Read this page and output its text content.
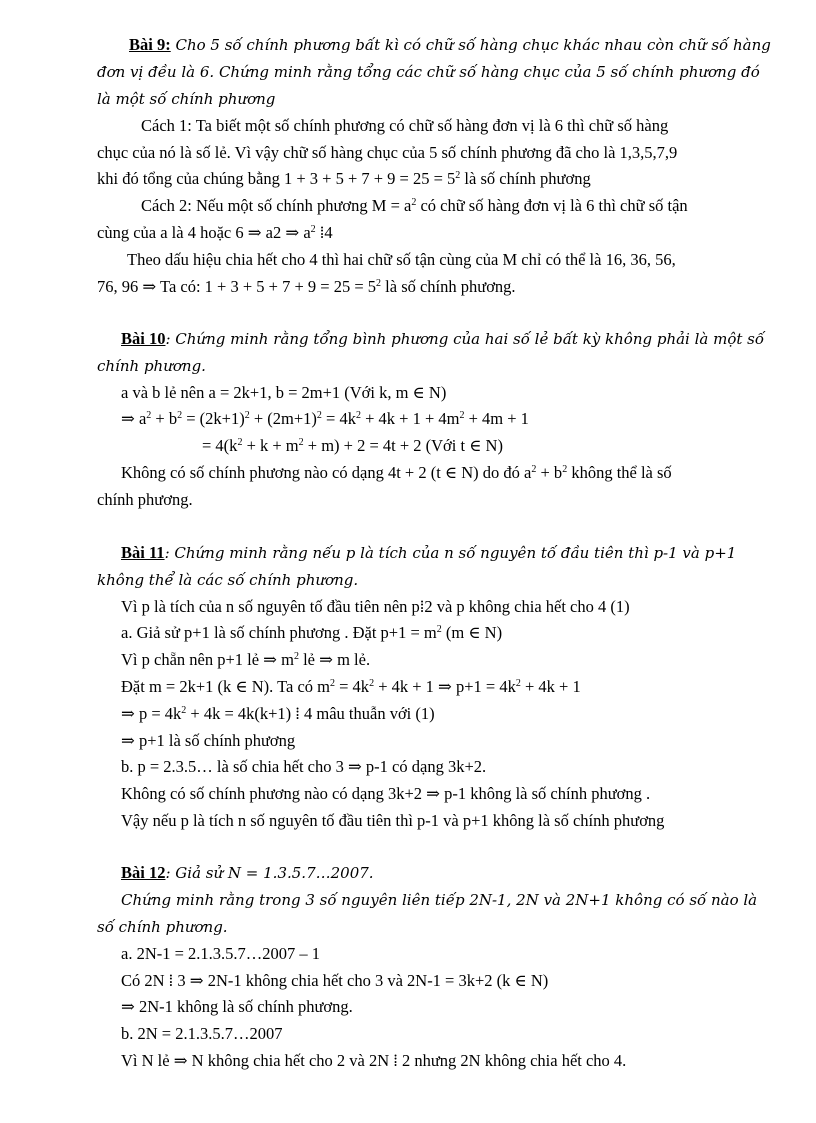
Bài 9: Cho 5 số chính phương bất kì có chữ số hàng chục khác nhau còn chữ số hàng
đơn vị đều là 6. Chứng minh rằng tổng các chữ số hàng chục của 5 số chính phương đó
là một số chính phương
Cách 1: Ta biết một số chính phương có chữ số hàng đơn vị là 6 thì chữ số hàng
chục của nó là số lẻ. Vì vậy chữ số hàng chục của 5 số chính phương đã cho là 1,3,5,7,9
khi đó tổng của chúng bằng $1 + 3 + 5 + 7 + 9 = 25 = 5^2$ là số chính phương
Cách 2: Nếu một số chính phương $M = a^2$ có chữ số hàng đơn vị là 6 thì chữ số tận
cùng của a là 4 hoặc 6 ⇒ a2 ⇒ $a^2$ ⁞4
Theo dấu hiệu chia hết cho 4 thì hai chữ số tận cùng của M chỉ có thể là 16, 36, 56,
76, 96 ⇒ Ta có: $1 + 3 + 5 + 7 + 9 = 25 = 5^2$ là số chính phương.
Bài 10: Chứng minh rằng tổng bình phương của hai số lẻ bất kỳ không phải là một số
chính phương.
a và b lẻ nên a = 2k+1, b = 2m+1 (Với k, m ∈ N)
⇒ $a^2 + b^2 = (2k+1)^2 + (2m+1)^2 = 4k^2 + 4k + 1 + 4m^2 + 4m + 1$
= $4(k^2 + k + m^2 + m) + 2 = 4t + 2$ (Với t ∈ N)
Không có số chính phương nào có dạng 4t + 2 (t ∈ N) do đó $a^2 + b^2$ không thể là số
chính phương.
Bài 11: Chứng minh rằng nếu p là tích của n số nguyên tố đầu tiên thì p-1 và p+1
không thể là các số chính phương.
Vì p là tích của n số nguyên tố đầu tiên nên p⁞2 và p không chia hết cho 4 (1)
a. Giả sử p+1 là số chính phương . Đặt $p+1 = m^2$ (m ∈ N)
Vì p chẵn nên p+1 lẻ ⇒ $m^2$ lẻ ⇒ m lẻ.
Đặt m = 2k+1 (k ∈ N). Ta có $m^2 = 4k^2 + 4k + 1$ ⇒ $p+1 = 4k^2 + 4k + 1$
⇒ $p = 4k^2 + 4k = 4k(k+1)$ ⁞ 4 mâu thuẫn với (1)
⇒ p+1 là số chính phương
b. p = 2.3.5… là số chia hết cho 3 ⇒ p-1 có dạng 3k+2.
Không có số chính phương nào có dạng 3k+2 ⇒ p-1 không là số chính phương .
Vậy nếu p là tích n số nguyên tố đầu tiên thì p-1 và p+1 không là số chính phương
Bài 12: Giả sử N = 1.3.5.7…2007.
Chứng minh rằng trong 3 số nguyên liên tiếp 2N-1, 2N và 2N+1 không có số nào là
số chính phương.
a. 2N-1 = 2.1.3.5.7…2007 – 1
Có 2N ⁞ 3 ⇒ 2N-1 không chia hết cho 3 và 2N-1 = 3k+2 (k ∈ N)
⇒ 2N-1 không là số chính phương.
b. 2N = 2.1.3.5.7…2007
Vì N lẻ ⇒ N không chia hết cho 2 và 2N ⁞ 2 nhưng 2N không chia hết cho 4.
